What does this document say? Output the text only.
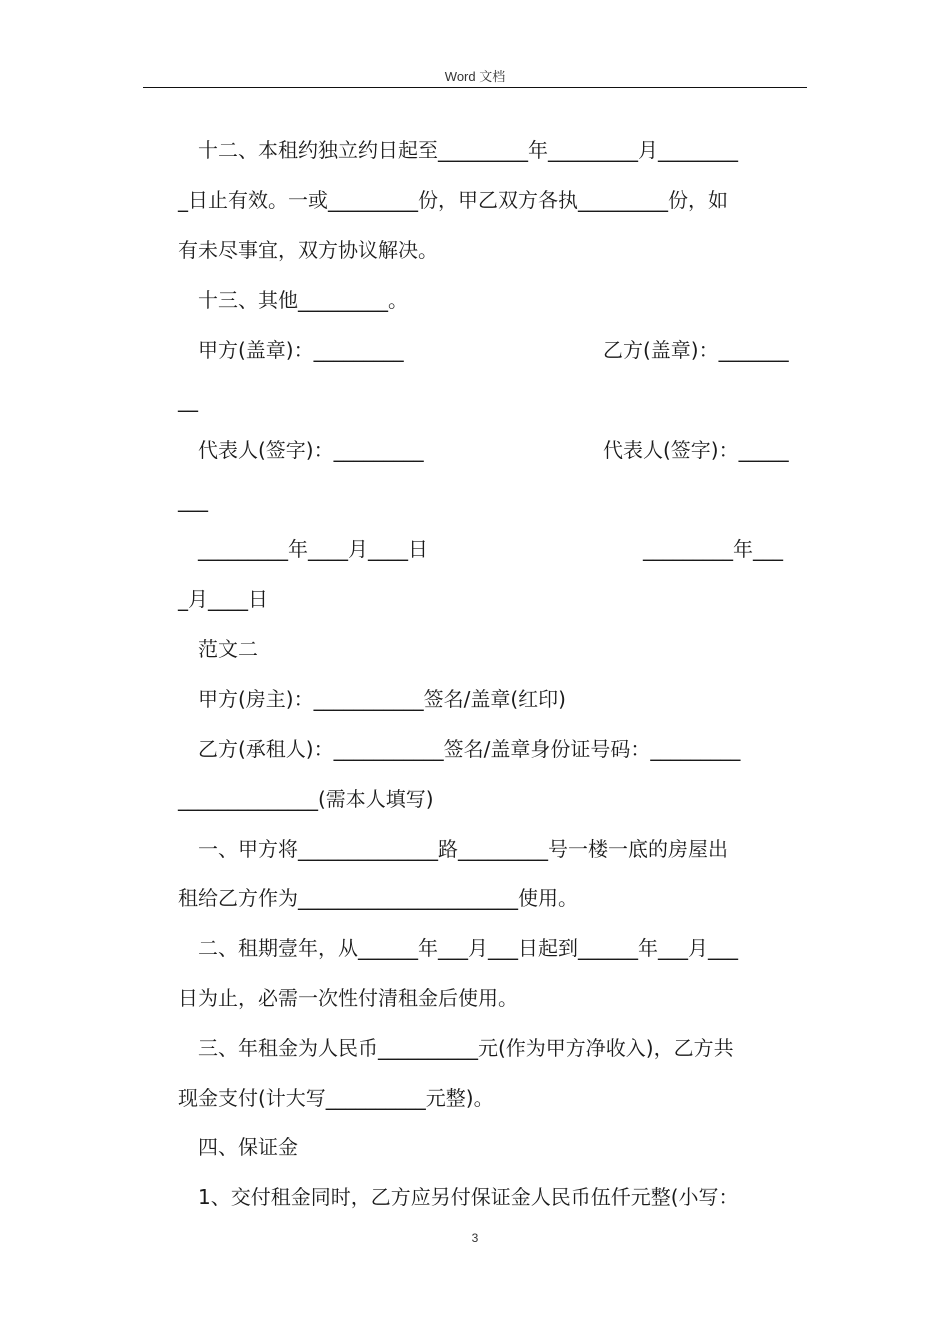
Word 文档
十二、本租约独立约日起至_________年_________月________
_日止有效。一或_________份，甲乙双方各执_________份，如
有未尽事宜，双方协议解决。
十三、其他_________。
甲方(盖章)：_________	乙方(盖章)：_______
__
代表人(签字)：_________	代表人(签字)：_____
___
_________年____月____日	_________年___
_月____日
范文二
甲方(房主)：___________签名/盖章(红印)
乙方(承租人)：___________签名/盖章身份证号码：_________
______________(需本人填写)
一、甲方将______________路_________号一楼一底的房屋出
租给乙方作为______________________使用。
二、租期壹年，从______年___月___日起到______年___月___
日为止，必需一次性付清租金后使用。
三、年租金为人民币__________元(作为甲方净收入)，乙方共
现金支付(计大写__________元整)。
四、保证金
1、交付租金同时，乙方应另付保证金人民币伍仟元整(小写：
3
